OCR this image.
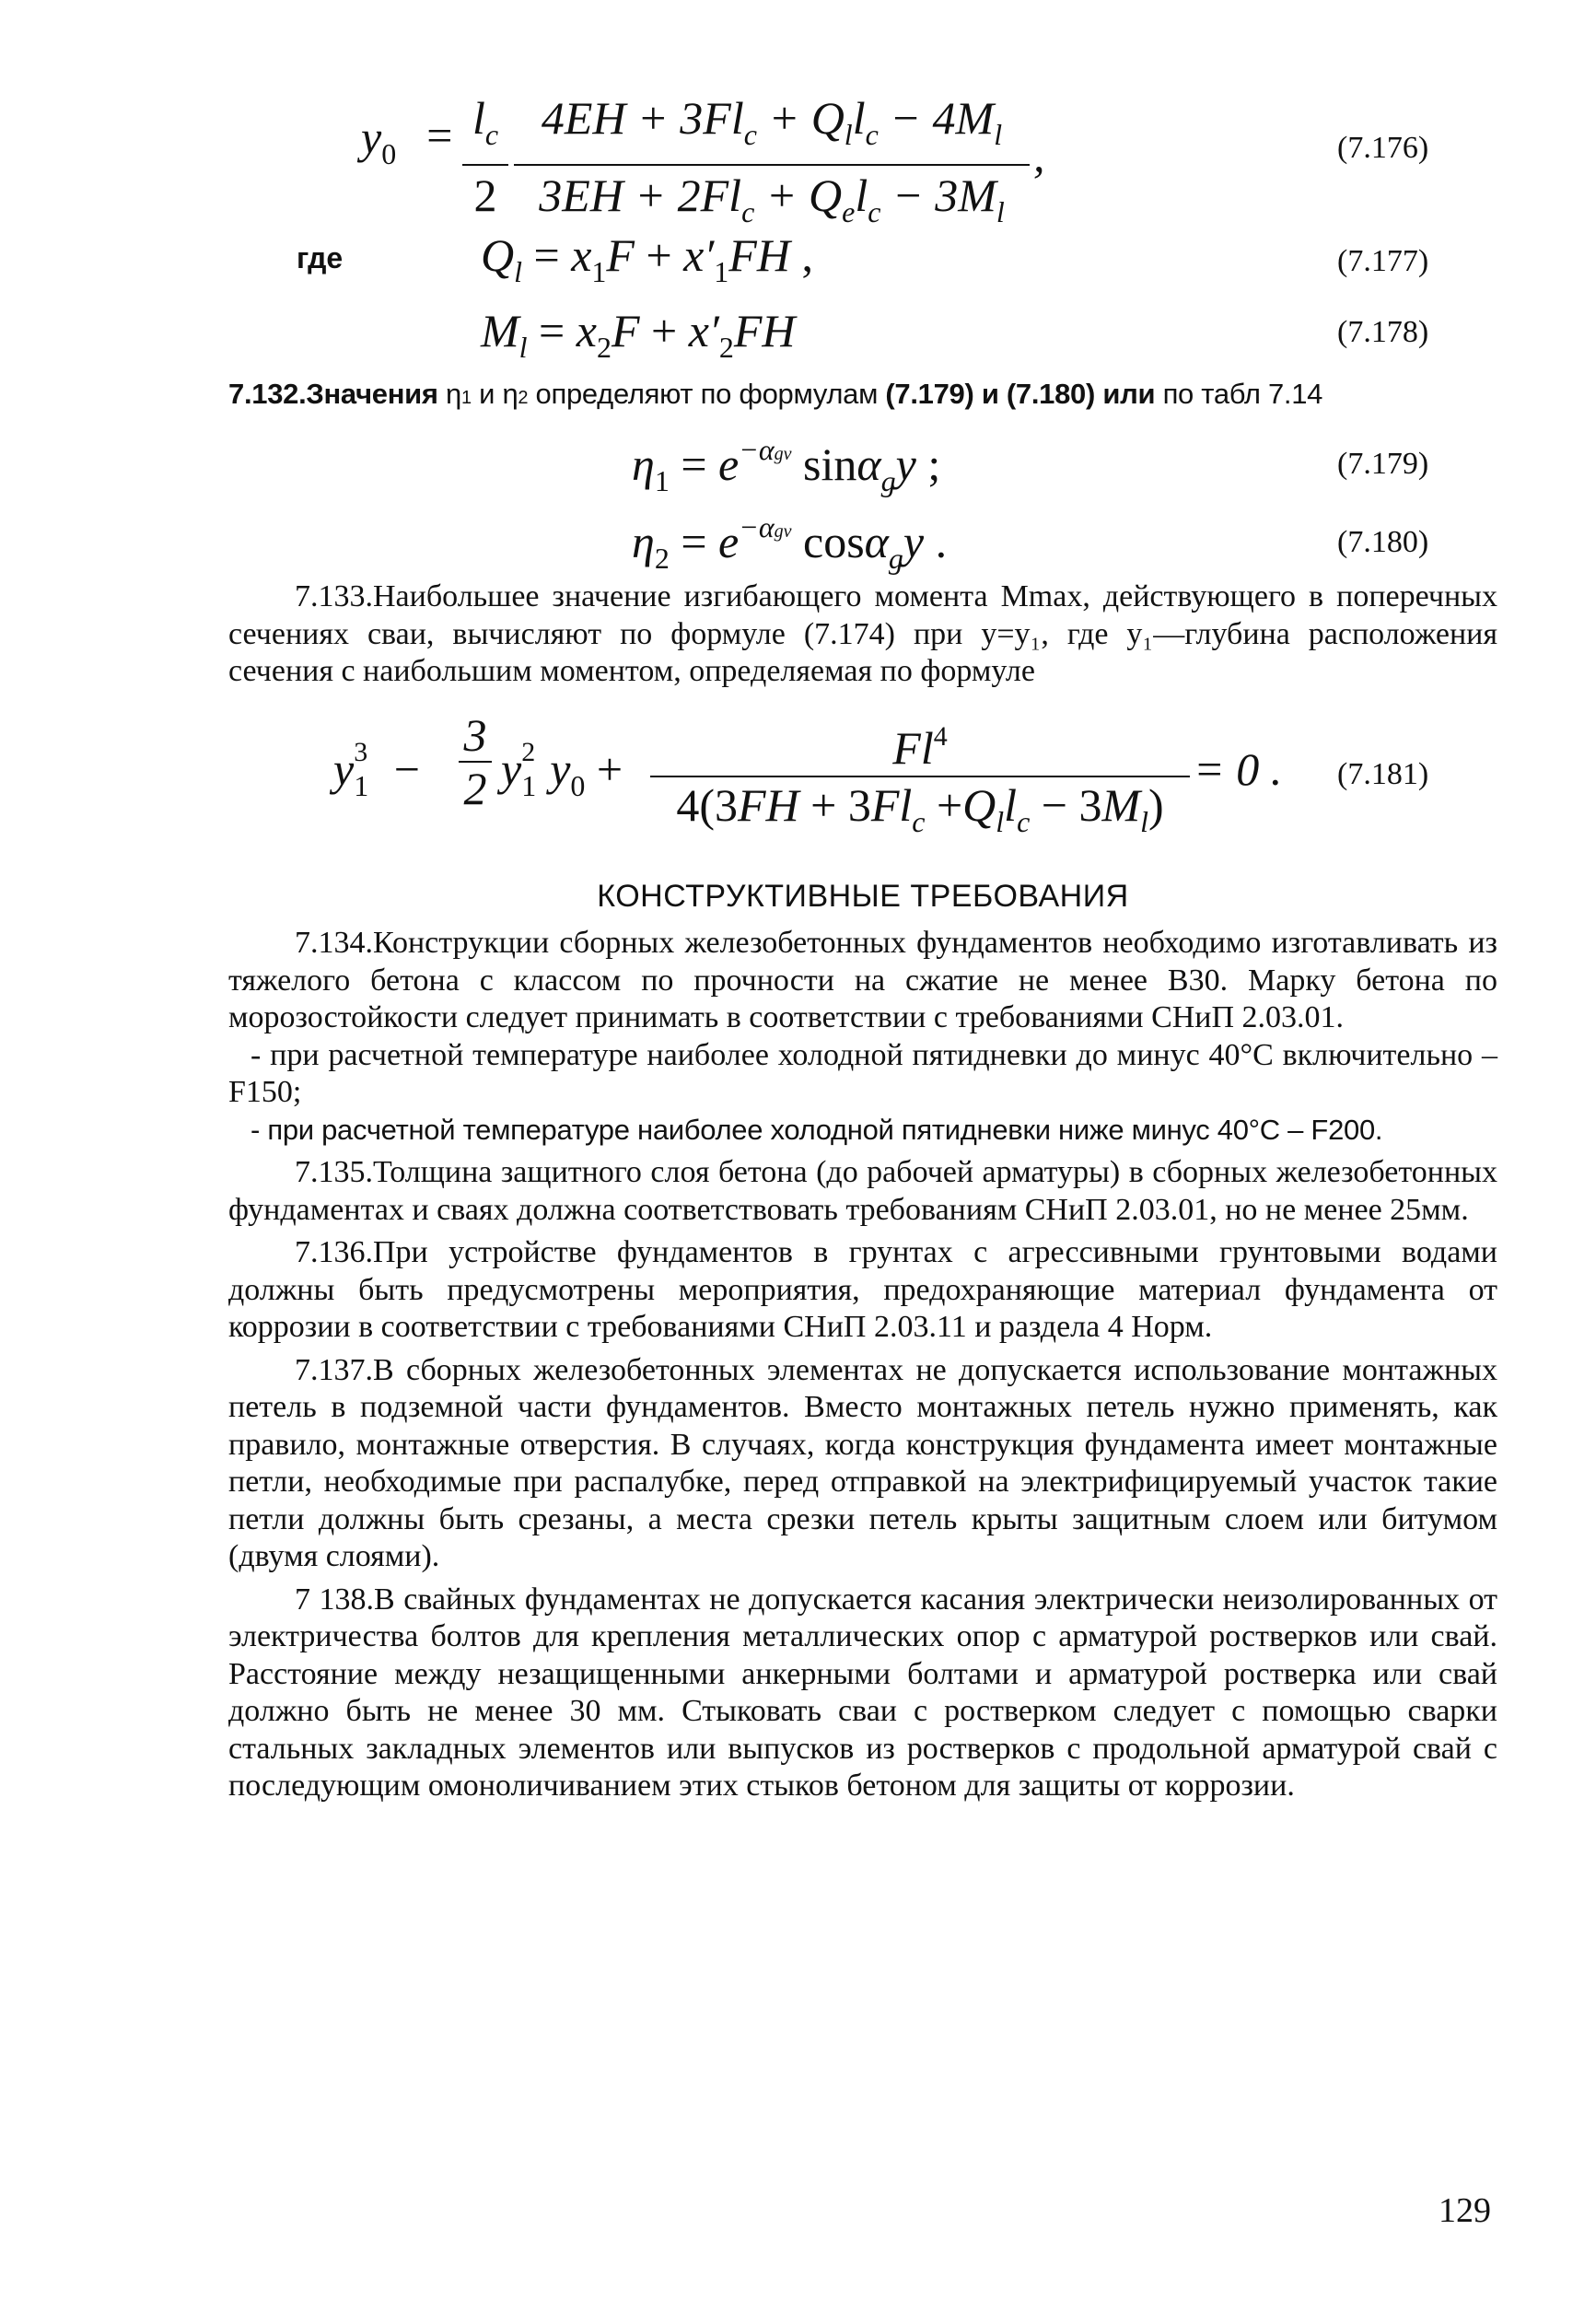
$y_0 = l_c$
2
$4EH + 3Fl_c + Q_ll_c - 4M_l$
$3EH + 2Fl_c + Q_el_c - 3M_l$
,	(7.176)
где	$Q_l = x_1F + x'_1FH$ ,	(7.177)
$M_l = x_2F + x'_2FH$	(7.178)
7.132.Значения η1 и η2 определяют по формулам (7.179) и (7.180) или по табл 7.14
$\eta_1 = e^{-\alpha gv}$ sinα$_g$y ;	(7.179)
$\eta_2 = e^{-\alpha gv}$ cosα$_g$y .	(7.180)

7.133.Наибольшее значение изгибающего момента Mmax, действующего в поперечных сечениях сваи, вычисляют по формуле (7.174) при y=y₁, где y₁—глубина расположения сечения с наибольшим моментом, определяемая по формуле

$y_1^3$ −
3
2 $y_1^2$ $y_0$ +	$Fl^4$
$4(3FH + 3Fl_c +Q_ll_c - 3M_l)$
= 0 . (7.181)
КОНСТРУКТИВНЫЕ ТРЕБОВАНИЯ

7.134.Конструкции сборных железобетонных фундаментов необходимо изготавливать из тяжелого бетона с классом по прочности на сжатие не менее В30. Марку бетона по морозостойкости следует принимать в соответствии с требованиями СНиП 2.03.01.

- при расчетной температуре наиболее холодной пятидневки до минус 40°С включительно – F150;

- при расчетной температуре наиболее холодной пятидневки ниже минус 40°С – F200.

7.135.Толщина защитного слоя бетона (до рабочей арматуры) в сборных железобетонных фундаментах и сваях должна соответствовать требованиям СНиП 2.03.01, но не менее 25мм.

7.136.При устройстве фундаментов в грунтах с агрессивными грунтовыми водами должны быть предусмотрены мероприятия, предохраняющие материал фундамента от коррозии в соответствии с требованиями СНиП 2.03.11 и раздела 4 Норм.

7.137.В сборных железобетонных элементах не допускается использование монтажных петель в подземной части фундаментов. Вместо монтажных петель нужно применять, как правило, монтажные отверстия. В случаях, когда конструкция фундамента имеет монтажные петли, необходимые при распалубке, перед отправкой на электрифицируемый участок такие петли должны быть срезаны, а места срезки петель крыты защитным слоем или битумом (двумя слоями).

7 138.В свайных фундаментах не допускается касания электрически неизолированных от электричества болтов для крепления металлических опор с арматурой ростверков или свай. Расстояние между незащищенными анкерными болтами и арматурой ростверка или свай должно быть не менее 30 мм. Стыковать сваи с ростверком следует с помощью сварки стальных закладных элементов или выпусков из ростверков с продольной арматурой свай с последующим омоноличиванием этих стыков бетоном для защиты от коррозии.

129
